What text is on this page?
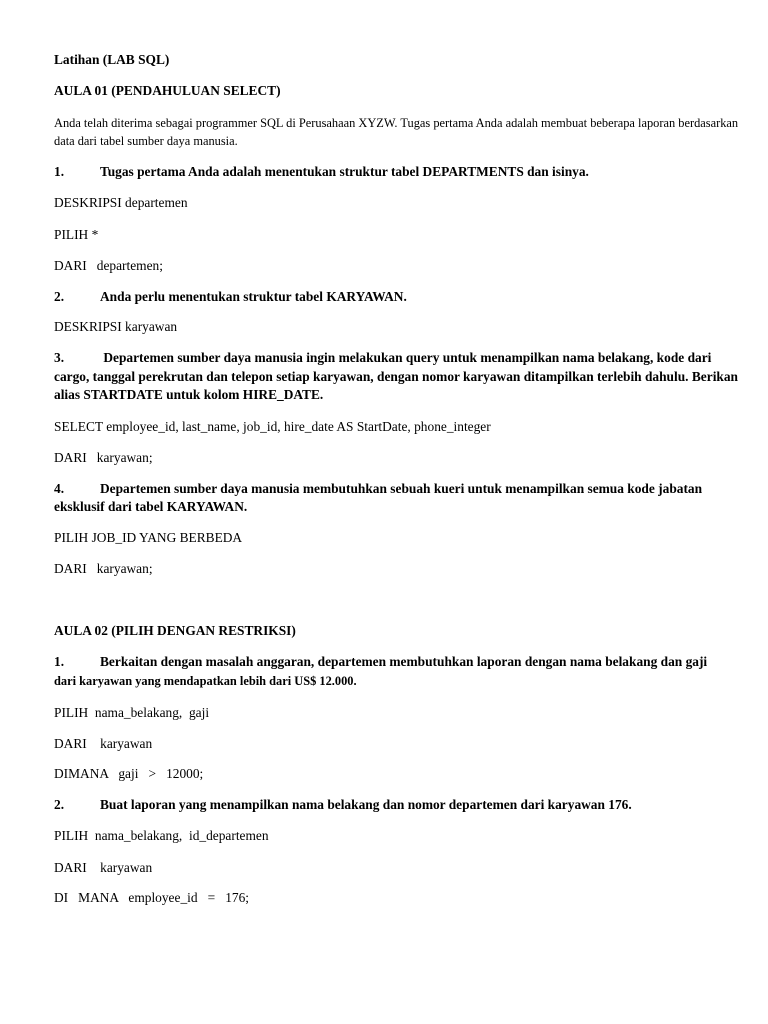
Latihan (LAB SQL)
AULA 01 (PENDAHULUAN SELECT)
Anda telah diterima sebagai programmer SQL di Perusahaan XYZW. Tugas pertama Anda adalah membuat beberapa laporan berdasarkan
data dari tabel sumber daya manusia.
1.	Tugas pertama Anda adalah menentukan struktur tabel DEPARTMENTS dan isinya.
DESKRIPSI departemen
PILIH *
DARI   departemen;
2.	Anda perlu menentukan struktur tabel KARYAWAN.
DESKRIPSI karyawan
3.	Departemen sumber daya manusia ingin melakukan query untuk menampilkan nama belakang, kode dari
cargo, tanggal perekrutan dan telepon setiap karyawan, dengan nomor karyawan ditampilkan terlebih dahulu. Berikan
alias STARTDATE untuk kolom HIRE_DATE.
SELECT employee_id, last_name, job_id, hire_date AS StartDate, phone_integer
DARI   karyawan;
4.	Departemen sumber daya manusia membutuhkan sebuah kueri untuk menampilkan semua kode jabatan
eksklusif dari tabel KARYAWAN.
PILIH JOB_ID YANG BERBEDA
DARI   karyawan;
AULA 02 (PILIH DENGAN RESTRIKSI)
1.	Berkaitan dengan masalah anggaran, departemen membutuhkan laporan dengan nama belakang dan gaji
dari karyawan yang mendapatkan lebih dari US$ 12.000.
PILIH  nama_belakang,  gaji
DARI    karyawan
DIMANA   gaji   >   12000;
2.	Buat laporan yang menampilkan nama belakang dan nomor departemen dari karyawan 176.
PILIH  nama_belakang,  id_departemen
DARI    karyawan
DI   MANA   employee_id   =   176;
